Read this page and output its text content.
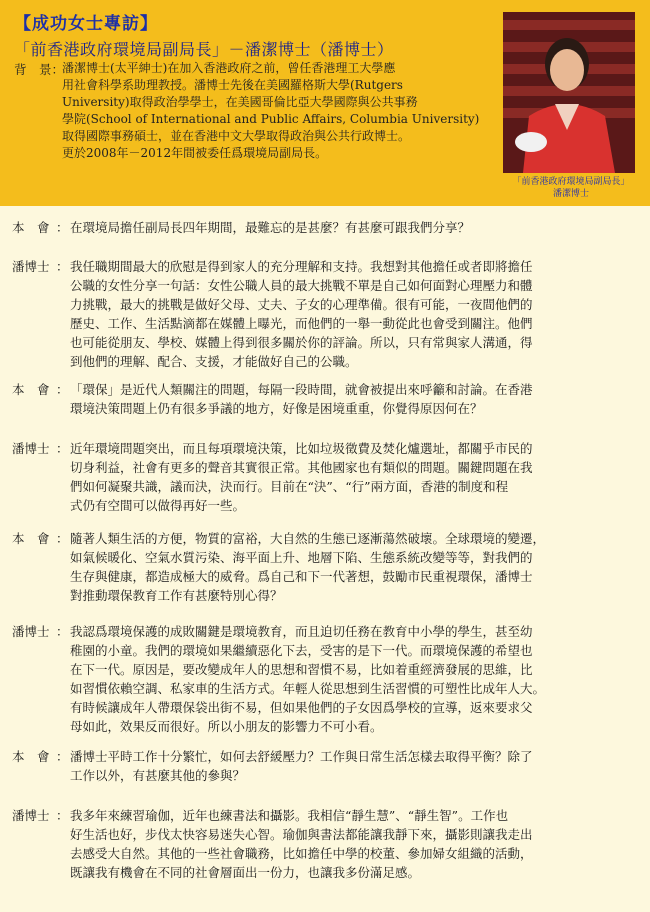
【成功女士專訪】
「前香港政府環境局副局長」－潘潔博士（潘博士）
背　景：
潘潔博士(太平紳士)在加入香港政府之前，曾任香港理工大學應
用社會科學系助理教授。潘博士先後在美國羅格斯大學(Rutgers
University)取得政治學學士，在美國哥倫比亞大學國際與公共事務
學院(School of International and Public Affairs, Columbia University)
取得國際事務碩士，並在香港中文大學取得政治與公共行政博士。
更於2008年－2012年間被委任爲環境局副局長。
「前香港政府環境局副局長」
潘潔博士
本　會 ： 在環境局擔任副局長四年期間，最難忘的是甚麼？有甚麼可跟我們分享？
潘博士 ： 我任職期間最大的欣慰是得到家人的充分理解和支持。我想對其他擔任或者即將擔任
公職的女性分享一句話：女性公職人員的最大挑戰不單是自己如何面對心理壓力和體
力挑戰，最大的挑戰是做好父母、丈夫、子女的心理準備。很有可能，一夜間他們的
歷史、工作、生活點滴都在媒體上曝光，而他們的一舉一動從此也會受到關注。他們
也可能從朋友、學校、媒體上得到很多關於你的評論。所以，只有常與家人溝通，得
到他們的理解、配合、支援，才能做好自己的公職。
本　會 ： 「環保」是近代人類關注的問題，每隔一段時間，就會被提出來呼籲和討論。在香港
環境決策問題上仍有很多爭議的地方，好像是困境重重，你覺得原因何在？
潘博士 ： 近年環境問題突出，而且每項環境決策，比如垃圾徵費及焚化爐選址，都關乎市民的
切身利益，社會有更多的聲音其實很正常。其他國家也有類似的問題。關鍵問題在我
們如何凝聚共識，議而決，決而行。目前在“決”、“行”兩方面，香港的制度和程
式仍有空間可以做得再好一些。
本　會 ： 隨著人類生活的方便，物質的富裕，大自然的生態已逐漸蕩然破壞。全球環境的變遷，
如氣候暖化、空氣水質污染、海平面上升、地層下陷、生態系統改變等等，對我們的
生存與健康，都造成極大的威脅。爲自己和下一代著想，鼓勵市民重視環保，潘博士
對推動環保教育工作有甚麼特別心得？
潘博士 ： 我認爲環境保護的成敗關鍵是環境教育，而且迫切任務在教育中小學的學生，甚至幼
稚園的小童。我們的環境如果繼續惡化下去，受害的是下一代。而環境保護的希望也
在下一代。原因是，要改變成年人的思想和習慣不易，比如着重經濟發展的思維，比
如習慣依賴空調、私家車的生活方式。年輕人從思想到生活習慣的可塑性比成年人大。
有時候讓成年人帶環保袋出街不易，但如果他們的子女因爲學校的宣導，返來要求父
母如此，效果反而很好。所以小朋友的影響力不可小看。
本　會 ： 潘博士平時工作十分繁忙，如何去舒緩壓力？工作與日常生活怎樣去取得平衡？除了
工作以外，有甚麼其他的參與？
潘博士 ： 我多年來練習瑜伽，近年也練書法和攝影。我相信“靜生慧”、“靜生智”。工作也
好生活也好，步伐太快容易迷失心智。瑜伽與書法都能讓我靜下來，攝影則讓我走出
去感受大自然。其他的一些社會職務，比如擔任中學的校董、參加婦女組織的活動，
既讓我有機會在不同的社會層面出一份力，也讓我多份滿足感。
